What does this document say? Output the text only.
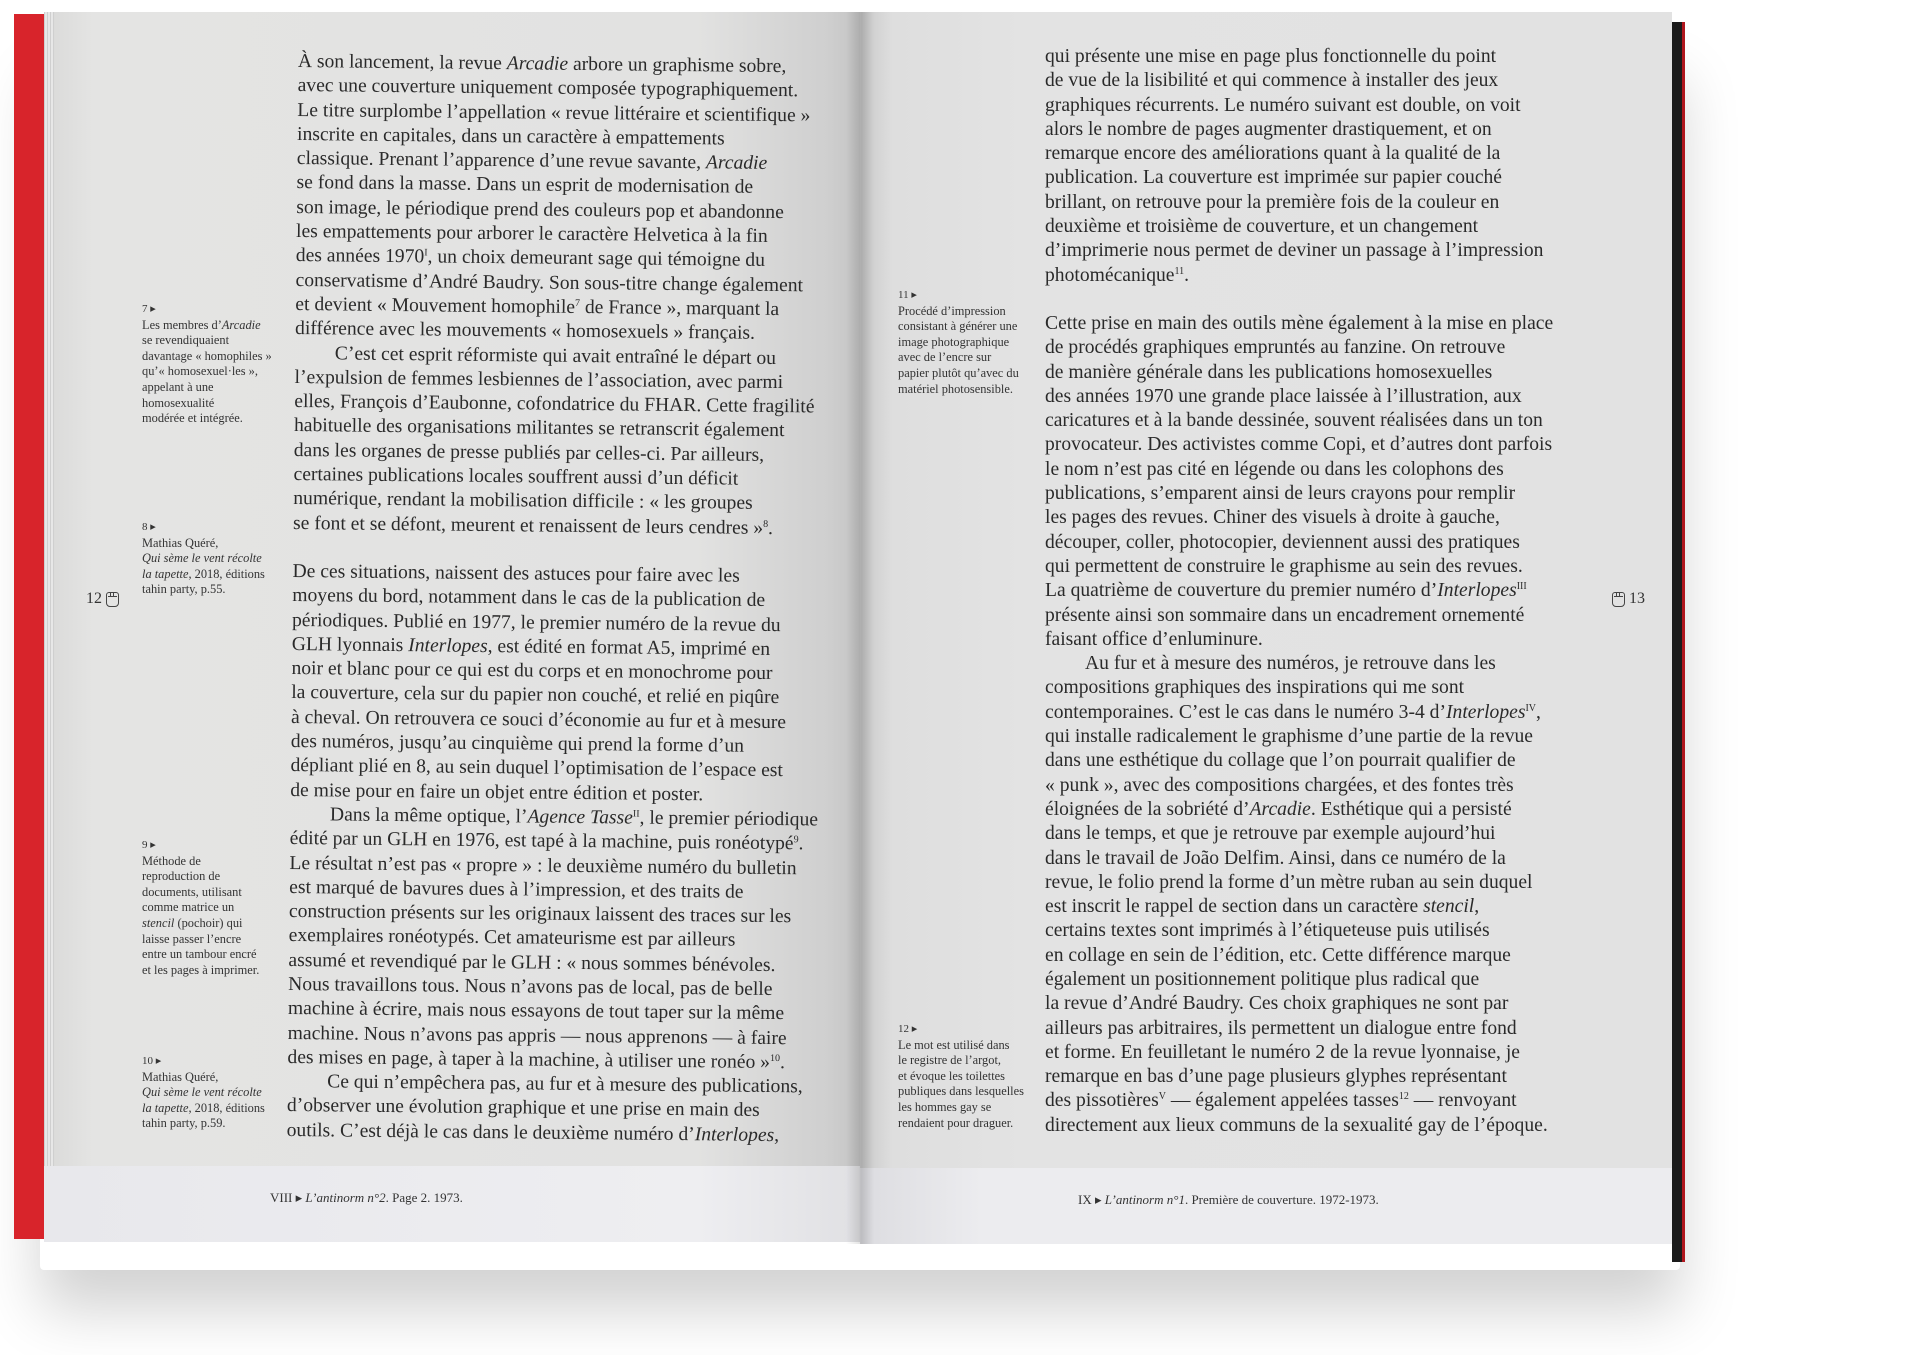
À son lancement, la revue Arcadie arbore un graphisme sobre,
avec une couverture uniquement composée typographiquement.
Le titre surplombe l’appellation « revue littéraire et scientifique »
inscrite en capitales, dans un caractère à empattements
classique. Prenant l’apparence d’une revue savante, Arcadie
se fond dans la masse. Dans un esprit de modernisation de
son image, le périodique prend des couleurs pop et abandonne
les empattements pour arborer le caractère Helvetica à la fin
des années $1970^I$, un choix demeurant sage qui témoigne du
conservatisme d’André Baudry. Son sous-titre change également
et devient « Mouvement homophile$^7$ de France », marquant la
différence avec les mouvements « homosexuels » français.

C’est cet esprit réformiste qui avait entraîné le départ ou
l’expulsion de femmes lesbiennes de l’association, avec parmi
elles, François d’Eaubonne, cofondatrice du FHAR. Cette fragilité
habituelle des organisations militantes se retranscrit également
dans les organes de presse publiés par celles-ci. Par ailleurs,
certaines publications locales souffrent aussi d’un déficit
numérique, rendant la mobilisation difficile : « les groupes
se font et se défont, meurent et renaissent de leurs cendres »$^8$.

De ces situations, naissent des astuces pour faire avec les
moyens du bord, notamment dans le cas de la publication de
périodiques. Publié en 1977, le premier numéro de la revue du
GLH lyonnais Interlopes, est édité en format A5, imprimé en
noir et blanc pour ce qui est du corps et en monochrome pour
la couverture, cela sur du papier non couché, et relié en piqûre
à cheval. On retrouvera ce souci d’économie au fur et à mesure
des numéros, jusqu’au cinquième qui prend la forme d’un
dépliant plié en 8, au sein duquel l’optimisation de l’espace est
de mise pour en faire un objet entre édition et poster.

Dans la même optique, l’Agence Tasse$^{II}$, le premier périodique
édité par un GLH en 1976, est tapé à la machine, puis ronéotypé$^9$.
Le résultat n’est pas « propre » : le deuxième numéro du bulletin
est marqué de bavures dues à l’impression, et des traits de
construction présents sur les originaux laissent des traces sur les
exemplaires ronéotypés. Cet amateurisme est par ailleurs
assumé et revendiqué par le GLH : « nous sommes bénévoles.
Nous travaillons tous. Nous n’avons pas de local, pas de belle
machine à écrire, mais nous essayons de tout taper sur la même
machine. Nous n’avons pas appris — nous apprenons — à faire
des mises en page, à taper à la machine, à utiliser une ronéo »$^{10}$.

Ce qui n’empêchera pas, au fur et à mesure des publications,
d’observer une évolution graphique et une prise en main des
outils. C’est déjà le cas dans le deuxième numéro d’Interlopes,

7 ▸
Les membres d’Arcadie
se revendiquaient
davantage « homophiles »
qu’« homosexuel·les »,
appelant à une
homosexualité
modérée et intégrée.
8 ▸
Mathias Quéré,
Qui sème le vent récolte
la tapette, 2018, éditions
tahin party, p.55.
9 ▸
Méthode de
reproduction de
documents, utilisant
comme matrice un
stencil (pochoir) qui
laisse passer l’encre
entre un tambour encré
et les pages à imprimer.
10 ▸
Mathias Quéré,
Qui sème le vent récolte
la tapette, 2018, éditions
tahin party, p.59.
12
VIII ▸ L’antinorm n°2. Page 2. 1973.

qui présente une mise en page plus fonctionnelle du point
de vue de la lisibilité et qui commence à installer des jeux
graphiques récurrents. Le numéro suivant est double, on voit
alors le nombre de pages augmenter drastiquement, et on
remarque encore des améliorations quant à la qualité de la
publication. La couverture est imprimée sur papier couché
brillant, on retrouve pour la première fois de la couleur en
deuxième et troisième de couverture, et un changement
d’imprimerie nous permet de deviner un passage à l’impression
photomécanique$^{11}$.

Cette prise en main des outils mène également à la mise en place
de procédés graphiques empruntés au fanzine. On retrouve
de manière générale dans les publications homosexuelles
des années 1970 une grande place laissée à l’illustration, aux
caricatures et à la bande dessinée, souvent réalisées dans un ton
provocateur. Des activistes comme Copi, et d’autres dont parfois
le nom n’est pas cité en légende ou dans les colophons des
publications, s’emparent ainsi de leurs crayons pour remplir
les pages des revues. Chiner des visuels à droite à gauche,
découper, coller, photocopier, deviennent aussi des pratiques
qui permettent de construire le graphisme au sein des revues.
La quatrième de couverture du premier numéro d’Interlopes$^{III}$
présente ainsi son sommaire dans un encadrement ornementé
faisant office d’enluminure.

Au fur et à mesure des numéros, je retrouve dans les
compositions graphiques des inspirations qui me sont
contemporaines. C’est le cas dans le numéro 3-4 d’Interlopes$^{IV}$,
qui installe radicalement le graphisme d’une partie de la revue
dans une esthétique du collage que l’on pourrait qualifier de
« punk », avec des compositions chargées, et des fontes très
éloignées de la sobriété d’Arcadie. Esthétique qui a persisté
dans le temps, et que je retrouve par exemple aujourd’hui
dans le travail de João Delfim. Ainsi, dans ce numéro de la
revue, le folio prend la forme d’un mètre ruban au sein duquel
est inscrit le rappel de section dans un caractère stencil,
certains textes sont imprimés à l’étiqueteuse puis utilisés
en collage en sein de l’édition, etc. Cette différence marque
également un positionnement politique plus radical que
la revue d’André Baudry. Ces choix graphiques ne sont par
ailleurs pas arbitraires, ils permettent un dialogue entre fond
et forme. En feuilletant le numéro 2 de la revue lyonnaise, je
remarque en bas d’une page plusieurs glyphes représentant
des pissotières$^V$ — également appelées tasses$^{12}$ — renvoyant
directement aux lieux communs de la sexualité gay de l’époque.

11 ▸
Procédé d’impression
consistant à générer une
image photographique
avec de l’encre sur
papier plutôt qu’avec du
matériel photosensible.
12 ▸
Le mot est utilisé dans
le registre de l’argot,
et évoque les toilettes
publiques dans lesquelles
les hommes gay se
rendaient pour draguer.
13
IX ▸ L’antinorm n°1. Première de couverture. 1972-1973.
